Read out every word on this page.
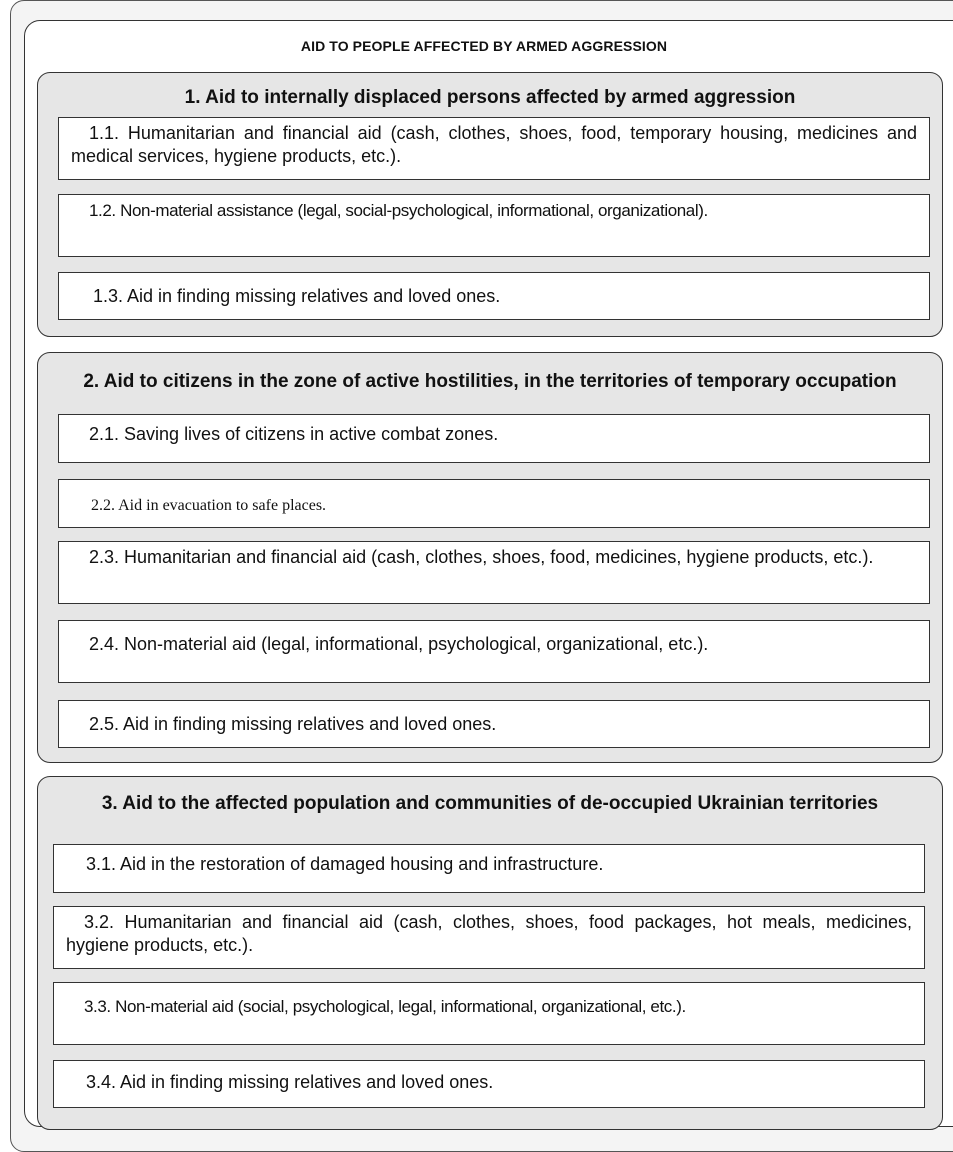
AID TO PEOPLE AFFECTED BY ARMED AGGRESSION
1. Aid to internally displaced persons affected by armed aggression
1.1. Humanitarian and financial aid (cash, clothes, shoes, food, temporary housing, medicines and medical services, hygiene products, etc.).
1.2. Non-material assistance (legal, social-psychological, informational, organizational).
1.3. Aid in finding missing relatives and loved ones.
2. Aid to citizens in the zone of active hostilities, in the territories of temporary occupation
2.1. Saving lives of citizens in active combat zones.
2.2. Aid in evacuation to safe places.
2.3. Humanitarian and financial aid (cash, clothes, shoes, food, medicines, hygiene products, etc.).
2.4. Non-material aid (legal, informational, psychological, organizational, etc.).
2.5. Aid in finding missing relatives and loved ones.
3. Aid to the affected population and communities of de-occupied Ukrainian territories
3.1. Aid in the restoration of damaged housing and infrastructure.
3.2. Humanitarian and financial aid (cash, clothes, shoes, food packages, hot meals, medicines, hygiene products, etc.).
3.3. Non-material aid (social, psychological, legal, informational, organizational, etc.).
3.4. Aid in finding missing relatives and loved ones.
